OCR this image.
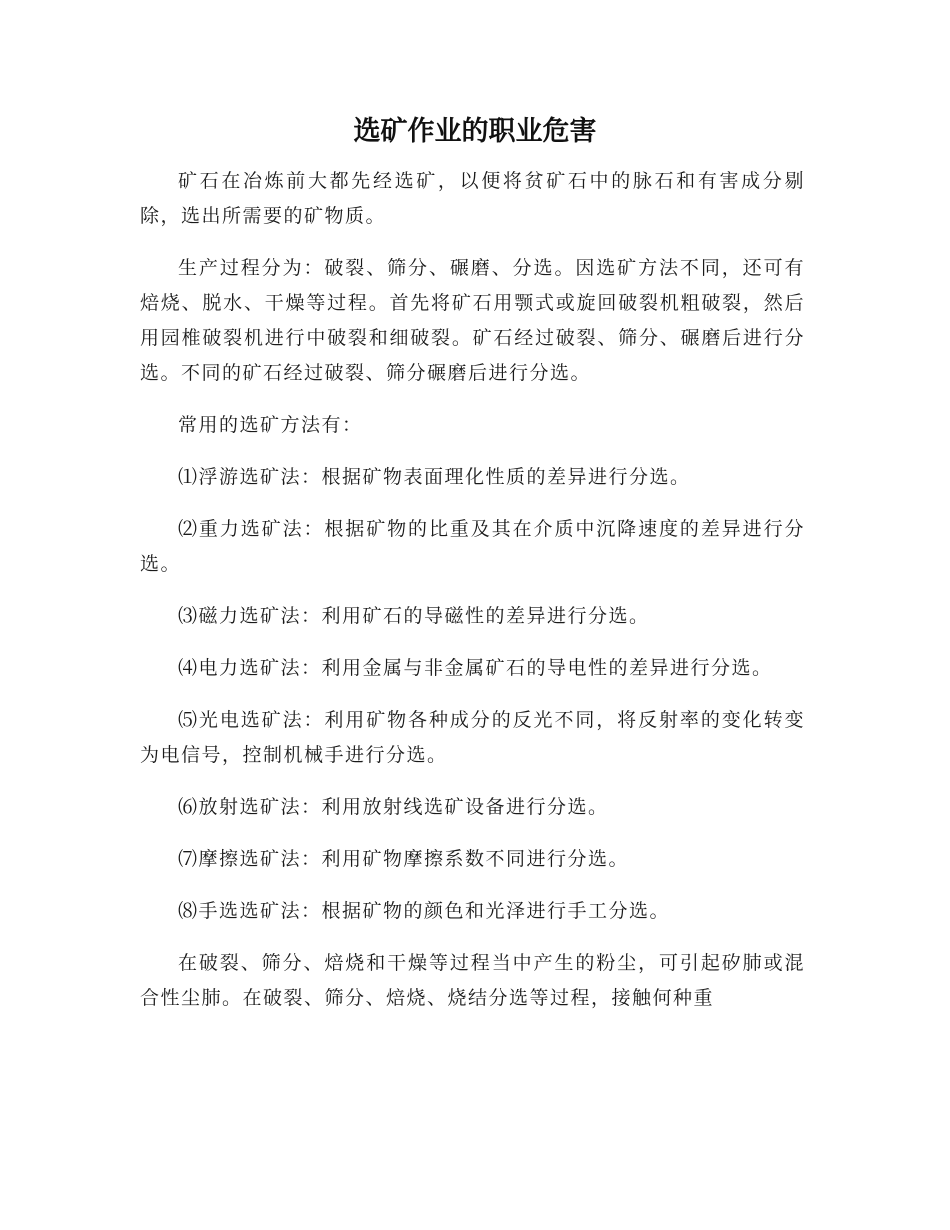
选矿作业的职业危害

矿石在冶炼前大都先经选矿，以便将贫矿石中的脉石和有害成分剔除，选出所需要的矿物质。

生产过程分为：破裂、筛分、碾磨、分选。因选矿方法不同，还可有焙烧、脱水、干燥等过程。首先将矿石用颚式或旋回破裂机粗破裂，然后用园椎破裂机进行中破裂和细破裂。矿石经过破裂、筛分、碾磨后进行分选。不同的矿石经过破裂、筛分碾磨后进行分选。

常用的选矿方法有：

⑴浮游选矿法：根据矿物表面理化性质的差异进行分选。

⑵重力选矿法：根据矿物的比重及其在介质中沉降速度的差异进行分选。

⑶磁力选矿法：利用矿石的导磁性的差异进行分选。

⑷电力选矿法：利用金属与非金属矿石的导电性的差异进行分选。

⑸光电选矿法：利用矿物各种成分的反光不同，将反射率的变化转变为电信号，控制机械手进行分选。

⑹放射选矿法：利用放射线选矿设备进行分选。

⑺摩擦选矿法：利用矿物摩擦系数不同进行分选。

⑻手选选矿法：根据矿物的颜色和光泽进行手工分选。

在破裂、筛分、焙烧和干燥等过程当中产生的粉尘，可引起矽肺或混合性尘肺。在破裂、筛分、焙烧、烧结分选等过程，接触何种重
